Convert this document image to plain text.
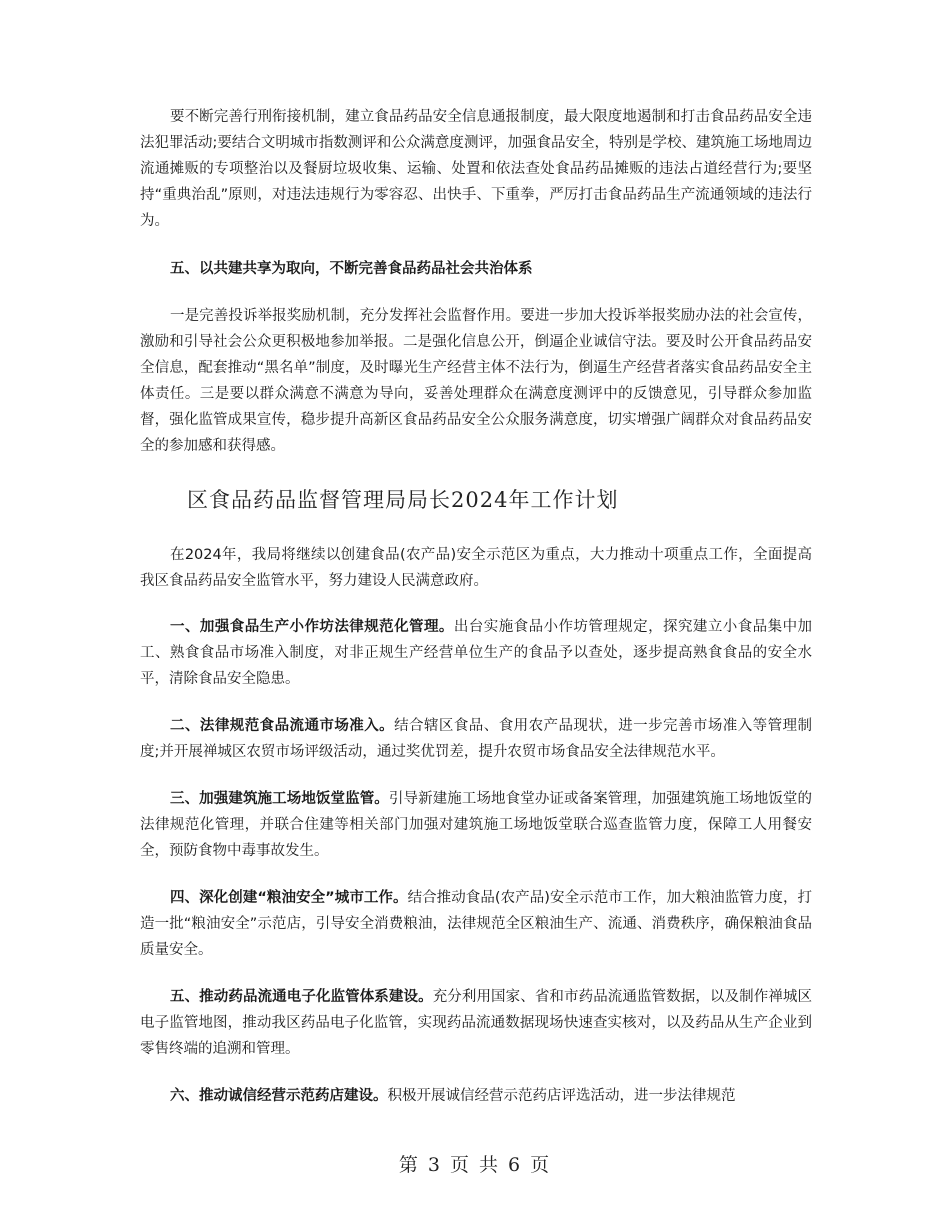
要不断完善行刑衔接机制，建立食品药品安全信息通报制度，最大限度地遏制和打击食品药品安全违法犯罪活动;要结合文明城市指数测评和公众满意度测评，加强食品安全，特别是学校、建筑施工场地周边流通摊贩的专项整治以及餐厨垃圾收集、运输、处置和依法查处食品药品摊贩的违法占道经营行为;要坚持“重典治乱”原则，对违法违规行为零容忍、出快手、下重拳，严厉打击食品药品生产流通领域的违法行为。

五、以共建共享为取向，不断完善食品药品社会共治体系

一是完善投诉举报奖励机制，充分发挥社会监督作用。要进一步加大投诉举报奖励办法的社会宣传，激励和引导社会公众更积极地参加举报。二是强化信息公开，倒逼企业诚信守法。要及时公开食品药品安全信息，配套推动“黑名单”制度，及时曝光生产经营主体不法行为，倒逼生产经营者落实食品药品安全主体责任。三是要以群众满意不满意为导向，妥善处理群众在满意度测评中的反馈意见，引导群众参加监督，强化监管成果宣传，稳步提升高新区食品药品安全公众服务满意度，切实增强广阔群众对食品药品安全的参加感和获得感。

区食品药品监督管理局局长2024年工作计划

在2024年，我局将继续以创建食品(农产品)安全示范区为重点，大力推动十项重点工作，全面提高我区食品药品安全监管水平，努力建设人民满意政府。

一、加强食品生产小作坊法律规范化管理。出台实施食品小作坊管理规定，探究建立小食品集中加工、熟食食品市场准入制度，对非正规生产经营单位生产的食品予以查处，逐步提高熟食食品的安全水平，清除食品安全隐患。

二、法律规范食品流通市场准入。结合辖区食品、食用农产品现状，进一步完善市场准入等管理制度;并开展禅城区农贸市场评级活动，通过奖优罚差，提升农贸市场食品安全法律规范水平。

三、加强建筑施工场地饭堂监管。引导新建施工场地食堂办证或备案管理，加强建筑施工场地饭堂的法律规范化管理，并联合住建等相关部门加强对建筑施工场地饭堂联合巡查监管力度，保障工人用餐安全，预防食物中毒事故发生。

四、深化创建“粮油安全”城市工作。结合推动食品(农产品)安全示范市工作，加大粮油监管力度，打造一批“粮油安全”示范店，引导安全消费粮油，法律规范全区粮油生产、流通、消费秩序，确保粮油食品质量安全。

五、推动药品流通电子化监管体系建设。充分利用国家、省和市药品流通监管数据，以及制作禅城区电子监管地图，推动我区药品电子化监管，实现药品流通数据现场快速查实核对，以及药品从生产企业到零售终端的追溯和管理。

六、推动诚信经营示范药店建设。积极开展诚信经营示范药店评选活动，进一步法律规范

第 3 页 共 6 页
